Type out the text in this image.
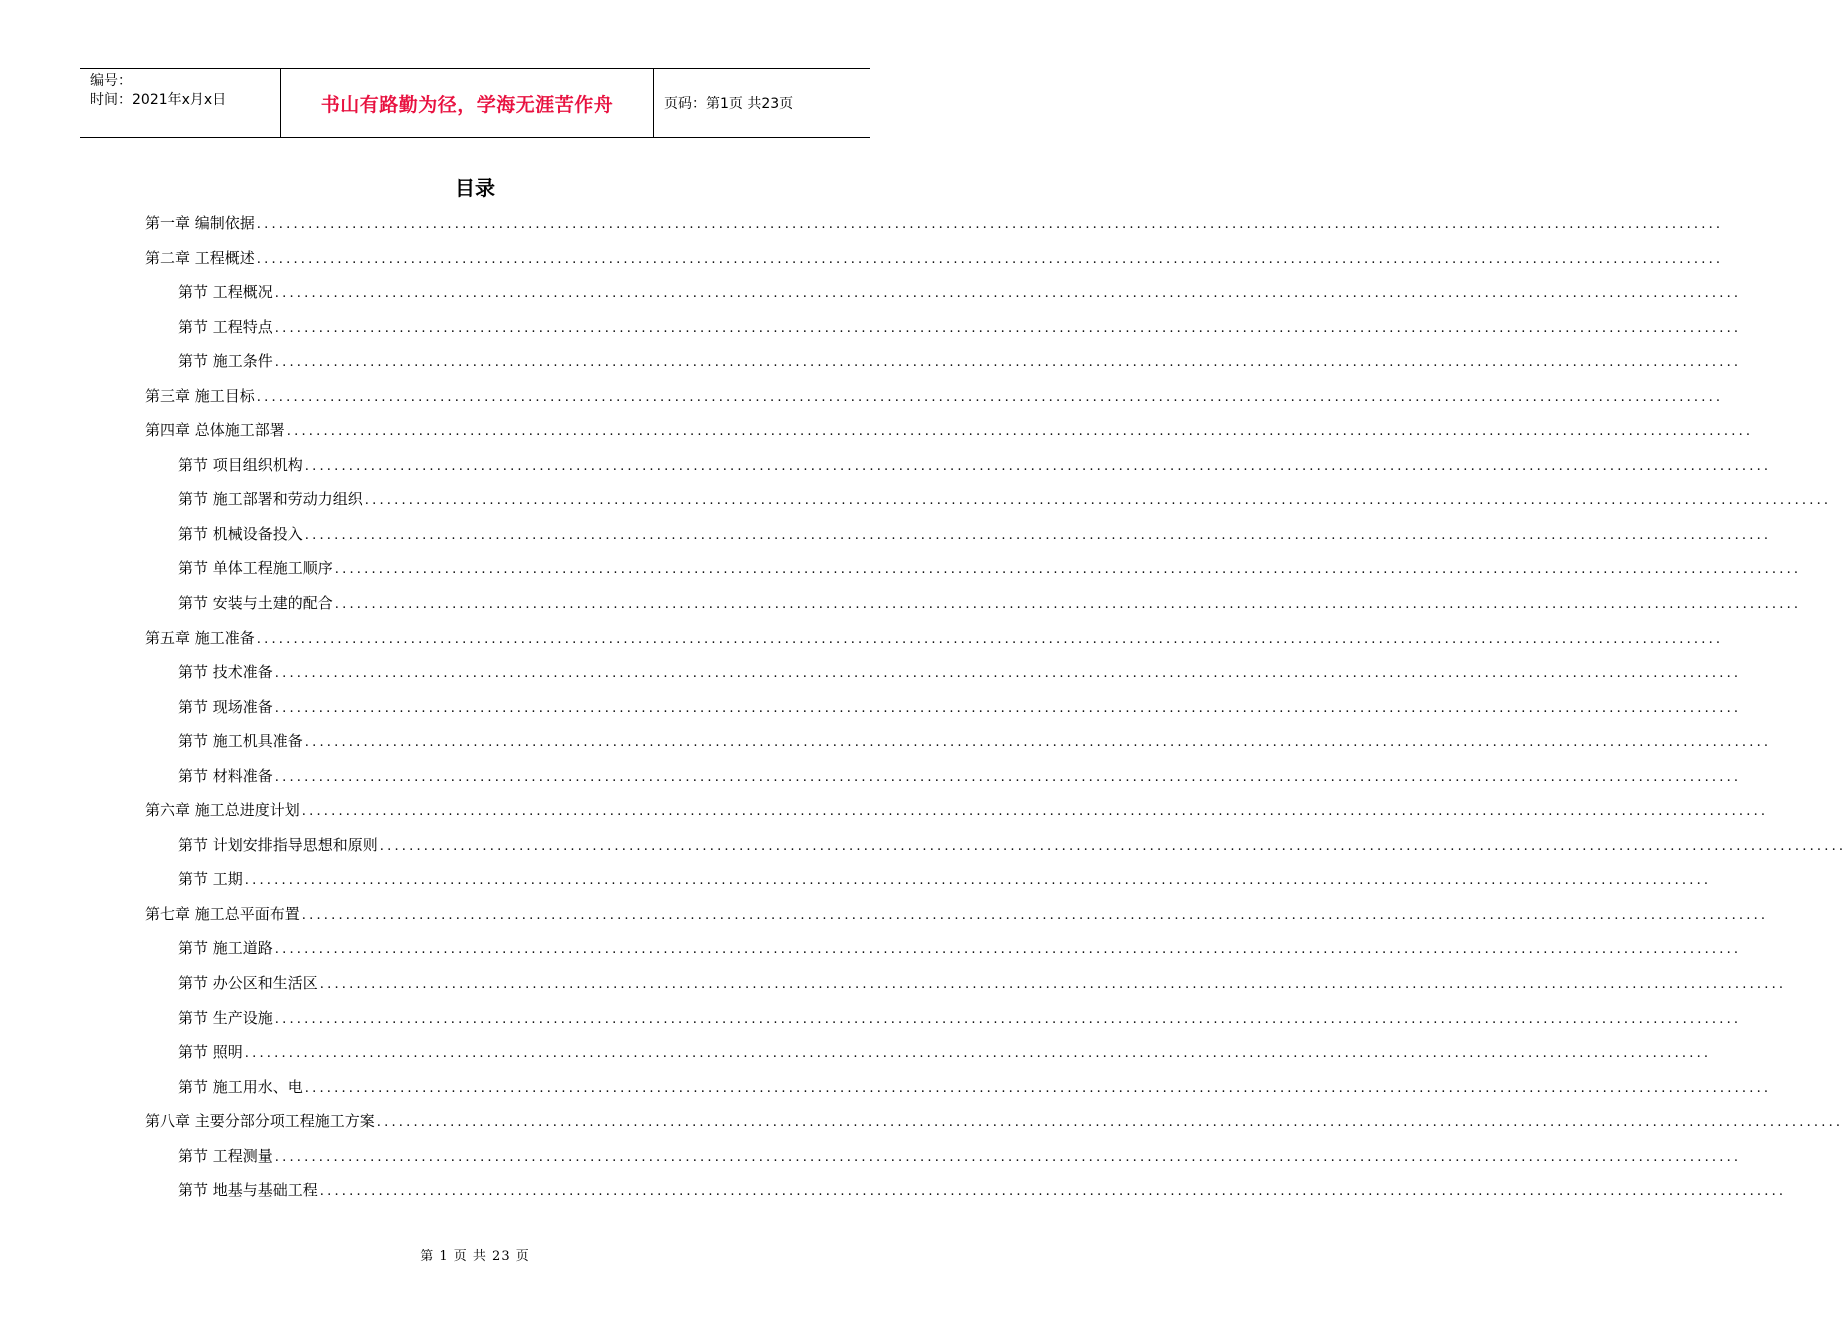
编号：
时间：2021年x月x日	书山有路勤为径，学海无涯苦作舟	页码：第1页 共23页
目录
第一章 编制依据 ........................................................................................................................................................................................................
第二章 工程概述 ........................................................................................................................................................................................................
第节 工程概况 ........................................................................................................................................................................................................
第节 工程特点 ........................................................................................................................................................................................................
第节 施工条件 ........................................................................................................................................................................................................
第三章 施工目标 ........................................................................................................................................................................................................
第四章 总体施工部署 ........................................................................................................................................................................................................
第节 项目组织机构 ........................................................................................................................................................................................................
第节 施工部署和劳动力组织 ........................................................................................................................................................................................................
第节 机械设备投入 ........................................................................................................................................................................................................
第节 单体工程施工顺序 ........................................................................................................................................................................................................
第节 安装与土建的配合 ........................................................................................................................................................................................................
第五章 施工准备 ........................................................................................................................................................................................................
第节 技术准备 ........................................................................................................................................................................................................
第节 现场准备 ........................................................................................................................................................................................................
第节 施工机具准备 ........................................................................................................................................................................................................
第节 材料准备 ........................................................................................................................................................................................................
第六章 施工总进度计划 ........................................................................................................................................................................................................
第节 计划安排指导思想和原则 ........................................................................................................................................................................................................
第节 工期 ........................................................................................................................................................................................................
第七章 施工总平面布置 ........................................................................................................................................................................................................
第节 施工道路 ........................................................................................................................................................................................................
第节 办公区和生活区 ........................................................................................................................................................................................................
第节 生产设施 ........................................................................................................................................................................................................
第节 照明 ........................................................................................................................................................................................................
第节 施工用水、电 ........................................................................................................................................................................................................
第八章 主要分部分项工程施工方案 ........................................................................................................................................................................................................
第节 工程测量 ........................................................................................................................................................................................................
第节 地基与基础工程 ........................................................................................................................................................................................................
第 1 页 共 23 页
